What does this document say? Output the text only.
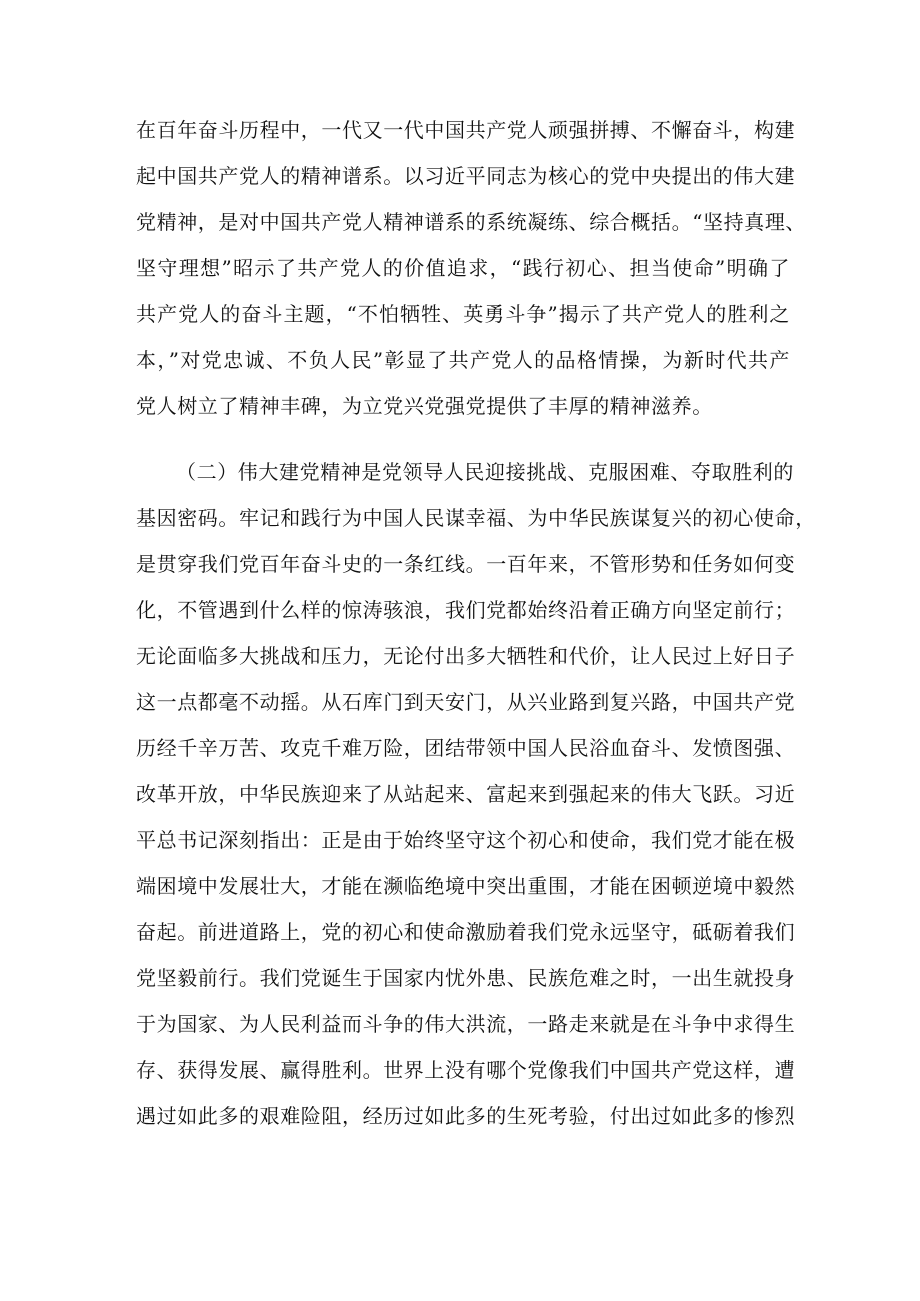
在百年奋斗历程中，一代又一代中国共产党人顽强拼搏、不懈奋斗，构建
起中国共产党人的精神谱系。以习近平同志为核心的党中央提出的伟大建
党精神，是对中国共产党人精神谱系的系统凝练、综合概括。“坚持真理、
坚守理想”昭示了共产党人的价值追求，“践行初心、担当使命”明确了
共产党人的奋斗主题，“不怕牺牲、英勇斗争”揭示了共产党人的胜利之
本，”对党忠诚、不负人民”彰显了共产党人的品格情操，为新时代共产
党人树立了精神丰碑，为立党兴党强党提供了丰厚的精神滋养。
（二）伟大建党精神是党领导人民迎接挑战、克服困难、夺取胜利的
基因密码。牢记和践行为中国人民谋幸福、为中华民族谋复兴的初心使命，
是贯穿我们党百年奋斗史的一条红线。一百年来，不管形势和任务如何变
化，不管遇到什么样的惊涛骇浪，我们党都始终沿着正确方向坚定前行；
无论面临多大挑战和压力，无论付出多大牺牲和代价，让人民过上好日子
这一点都毫不动摇。从石库门到天安门，从兴业路到复兴路，中国共产党
历经千辛万苦、攻克千难万险，团结带领中国人民浴血奋斗、发愤图强、
改革开放，中华民族迎来了从站起来、富起来到强起来的伟大飞跃。习近
平总书记深刻指出：正是由于始终坚守这个初心和使命，我们党才能在极
端困境中发展壮大，才能在濒临绝境中突出重围，才能在困顿逆境中毅然
奋起。前进道路上，党的初心和使命激励着我们党永远坚守，砥砺着我们
党坚毅前行。我们党诞生于国家内忧外患、民族危难之时，一出生就投身
于为国家、为人民利益而斗争的伟大洪流，一路走来就是在斗争中求得生
存、获得发展、赢得胜利。世界上没有哪个党像我们中国共产党这样，遭
遇过如此多的艰难险阻，经历过如此多的生死考验，付出过如此多的惨烈
